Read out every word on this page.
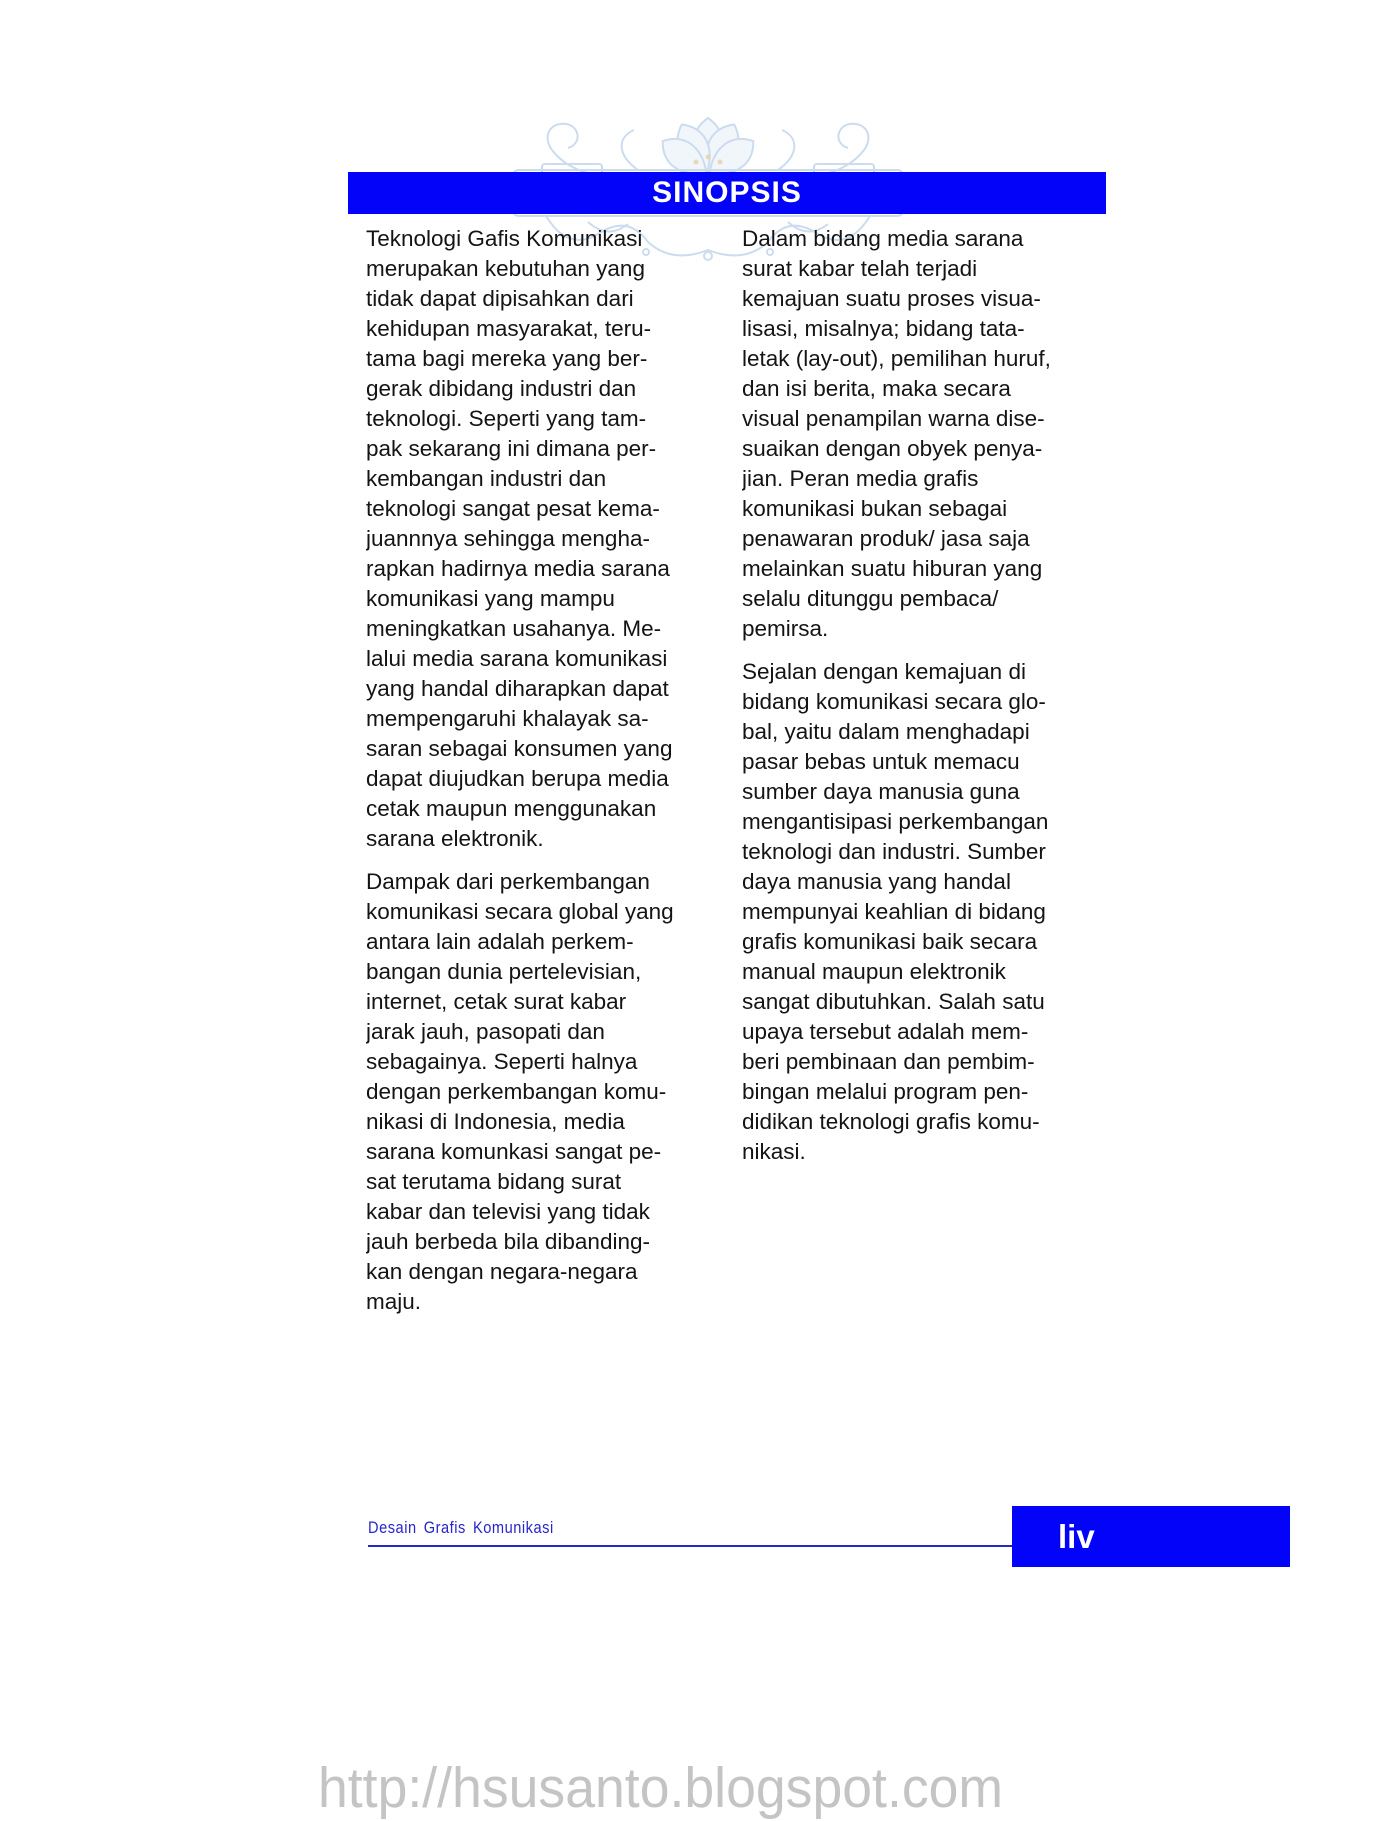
SINOPSIS
Teknologi Gafis Komunikasi
merupakan kebutuhan yang
tidak dapat dipisahkan dari
kehidupan masyarakat, teru-
tama bagi mereka yang ber-
gerak dibidang industri dan
teknologi. Seperti yang tam-
pak sekarang ini dimana per-
kembangan industri dan
teknologi sangat pesat kema-
juannnya sehingga mengha-
rapkan hadirnya media sarana
komunikasi yang mampu
meningkatkan usahanya. Me-
lalui media sarana komunikasi
yang handal diharapkan dapat
mempengaruhi khalayak sa-
saran sebagai konsumen yang
dapat diujudkan berupa media
cetak maupun menggunakan
sarana elektronik.
Dampak dari perkembangan
komunikasi secara global yang
antara lain adalah perkem-
bangan dunia pertelevisian,
internet, cetak surat kabar
jarak jauh, pasopati dan
sebagainya. Seperti halnya
dengan perkembangan komu-
nikasi di Indonesia, media
sarana komunkasi sangat pe-
sat terutama bidang surat
kabar dan televisi yang tidak
jauh berbeda bila dibanding-
kan dengan negara-negara
maju.
Dalam bidang media sarana
surat kabar telah terjadi
kemajuan suatu proses visua-
lisasi, misalnya; bidang tata-
letak (lay-out), pemilihan huruf,
dan isi berita, maka secara
visual penampilan warna dise-
suaikan dengan obyek penya-
jian. Peran media grafis
komunikasi bukan sebagai
penawaran produk/ jasa saja
melainkan suatu hiburan yang
selalu ditunggu pembaca/
pemirsa.
Sejalan dengan kemajuan di
bidang komunikasi secara glo-
bal, yaitu dalam menghadapi
pasar bebas untuk memacu
sumber daya manusia guna
mengantisipasi perkembangan
teknologi dan industri. Sumber
daya manusia yang handal
mempunyai keahlian di bidang
grafis komunikasi baik secara
manual maupun elektronik
sangat dibutuhkan. Salah satu
upaya tersebut adalah mem-
beri pembinaan dan pembim-
bingan melalui program pen-
didikan teknologi grafis komu-
nikasi.
Desain Grafis Komunikasi	liv
http://hsusanto.blogspot.com
